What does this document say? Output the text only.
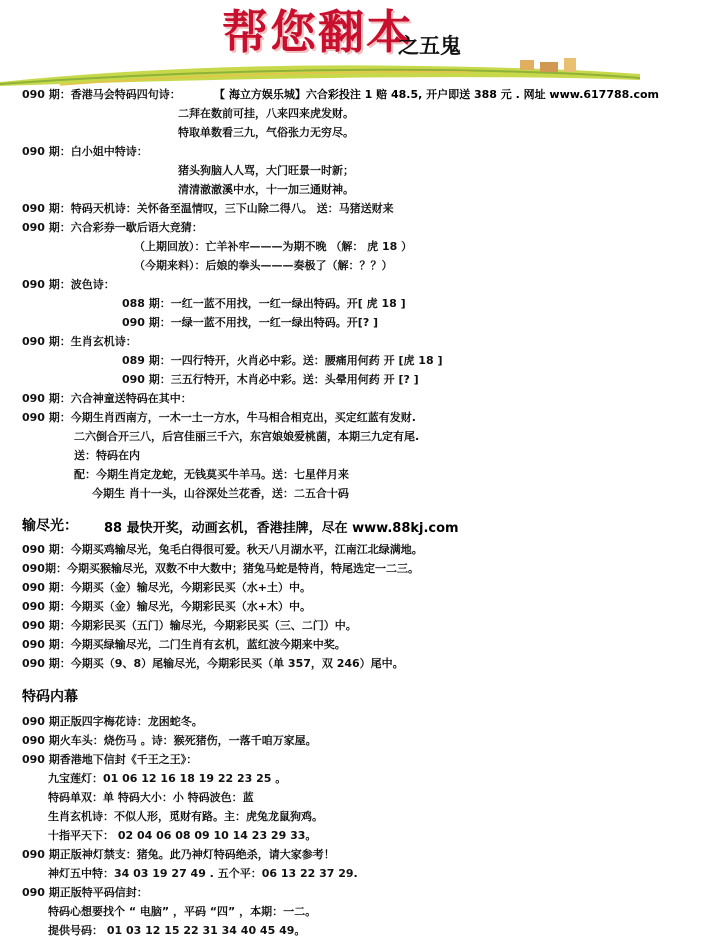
帮您翻本
之五鬼
【 海立方娱乐城】六合彩投注 1 赔 48.5, 开户即送 388 元 . 网址 www.617788.com
090 期：香港马会特码四句诗：
二拜在数前可挂，八来四来虎发财。
特取单数看三九，气俗张力无穷尽。
090 期：白小姐中特诗：
猪头狗脑人人骂，大门旺景一时新；
清清澈澈溪中水，十一加三通财神。
090 期：特码天机诗：关怀备至温情叹，三下山除二得八。 送：马猪送财来
090 期：六合彩券一歇后语大竞猜：
（上期回放）：亡羊补牢———为期不晚 （解： 虎 18 ）
（今期来料）：后娘的拳头———奏极了（解：？？）
090 期：波色诗：
088 期：一红一蓝不用找，一红一绿出特码。开[ 虎 18 ]
090 期：一绿一蓝不用找，一红一绿出特码。开[? ]
090 期：生肖玄机诗：
089 期：一四行特开，火肖必中彩。送：腰痛用何药 开 [虎 18 ]
090 期：三五行特开，木肖必中彩。送：头晕用何药 开 [? ]
090 期：六合神童送特码在其中：
090 期：今期生肖西南方，一木一土一方水，牛马相合相克出，买定红蓝有发财.
二六倒合开三八，后宫佳丽三千六，东宫娘娘爱桃菌，本期三九定有尾.
送：特码在内
配：今期生肖定龙蛇，无钱莫买牛羊马。送：七星伴月来
今期生 肖十一头，山谷深处兰花香，送：二五合十码
输尽光： 88 最快开奖，动画玄机，香港挂牌，尽在 www.88kj.com
090 期：今期买鸡输尽光，兔毛白得很可爱。秋天八月湖水平，江南江北绿满地。
090期：今期买猴输尽光，双数不中大数中；猪兔马蛇是特肖，特尾选定一二三。
090 期：今期买（金）输尽光，今期彩民买（水+土）中。
090 期：今期买（金）输尽光，今期彩民买（水+木）中。
090 期：今期彩民买（五门）输尽光，今期彩民买（三、二门）中。
090 期：今期买绿输尽光，二门生肖有玄机，蓝红波今期来中奖。
090 期：今期买（9、8）尾输尽光，今期彩民买（单 357，双 246）尾中。
特码内幕
090 期正版四字梅花诗：龙困蛇冬。
090 期火车头：烧伤马 。诗：猴死猪伤，一落千咱万家屋。
090 期香港地下信封《千王之王》：
九宝莲灯：01 06 12 16 18 19 22 23 25 。
特码单双：单 特码大小：小 特码波色：蓝
生肖玄机诗：不似人形，觅财有路。主：虎兔龙鼠狗鸡。
十指平天下： 02 04 06 08 09 10 14 23 29 33。
090 期正版神灯禁支：猪兔。此乃神灯特码绝杀，请大家参考！
神灯五中特：34 03 19 27 49 . 五个平：06 13 22 37 29.
090 期正版特平码信封：
特码心想要找个 “ 电脑” ，平码 “四” ，本期：一二。
提供号码： 01 03 12 15 22 31 34 40 45 49。
